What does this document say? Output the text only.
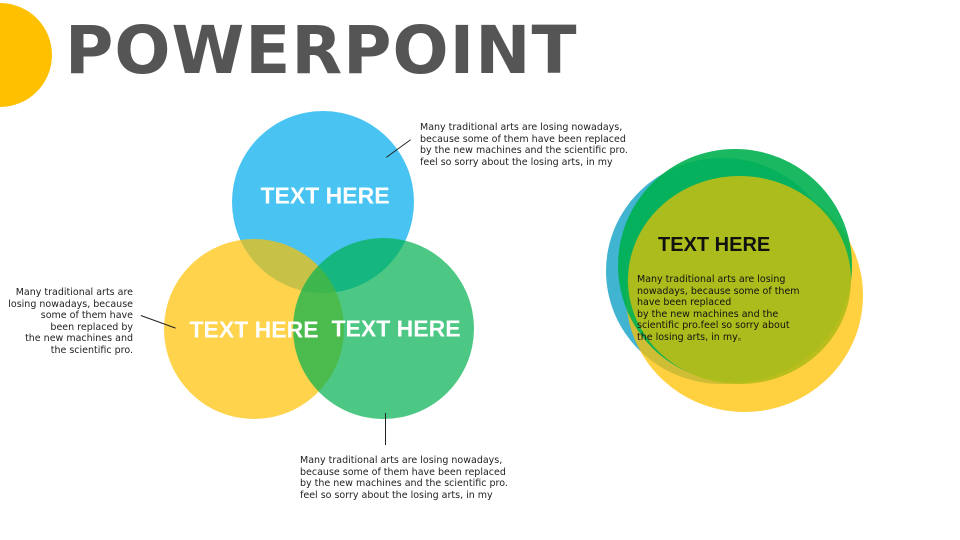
POWERPOINT
TEXT HERE
TEXT HERE TEXT HERE
Many traditional arts are losing nowadays,
because some of them have been replaced
by the new machines and the scientific pro.
feel so sorry about the losing arts, in my
Many traditional arts are
losing nowadays, because
some of them have
been replaced by
the new machines and
the scientific pro.
Many traditional arts are losing nowadays,
because some of them have been replaced
by the new machines and the scientific pro.
feel so sorry about the losing arts, in my
TEXT HERE
Many traditional arts are losing
nowadays, because some of them
have been replaced
by the new machines and the
scientific pro.feel so sorry about
the losing arts, in my。
